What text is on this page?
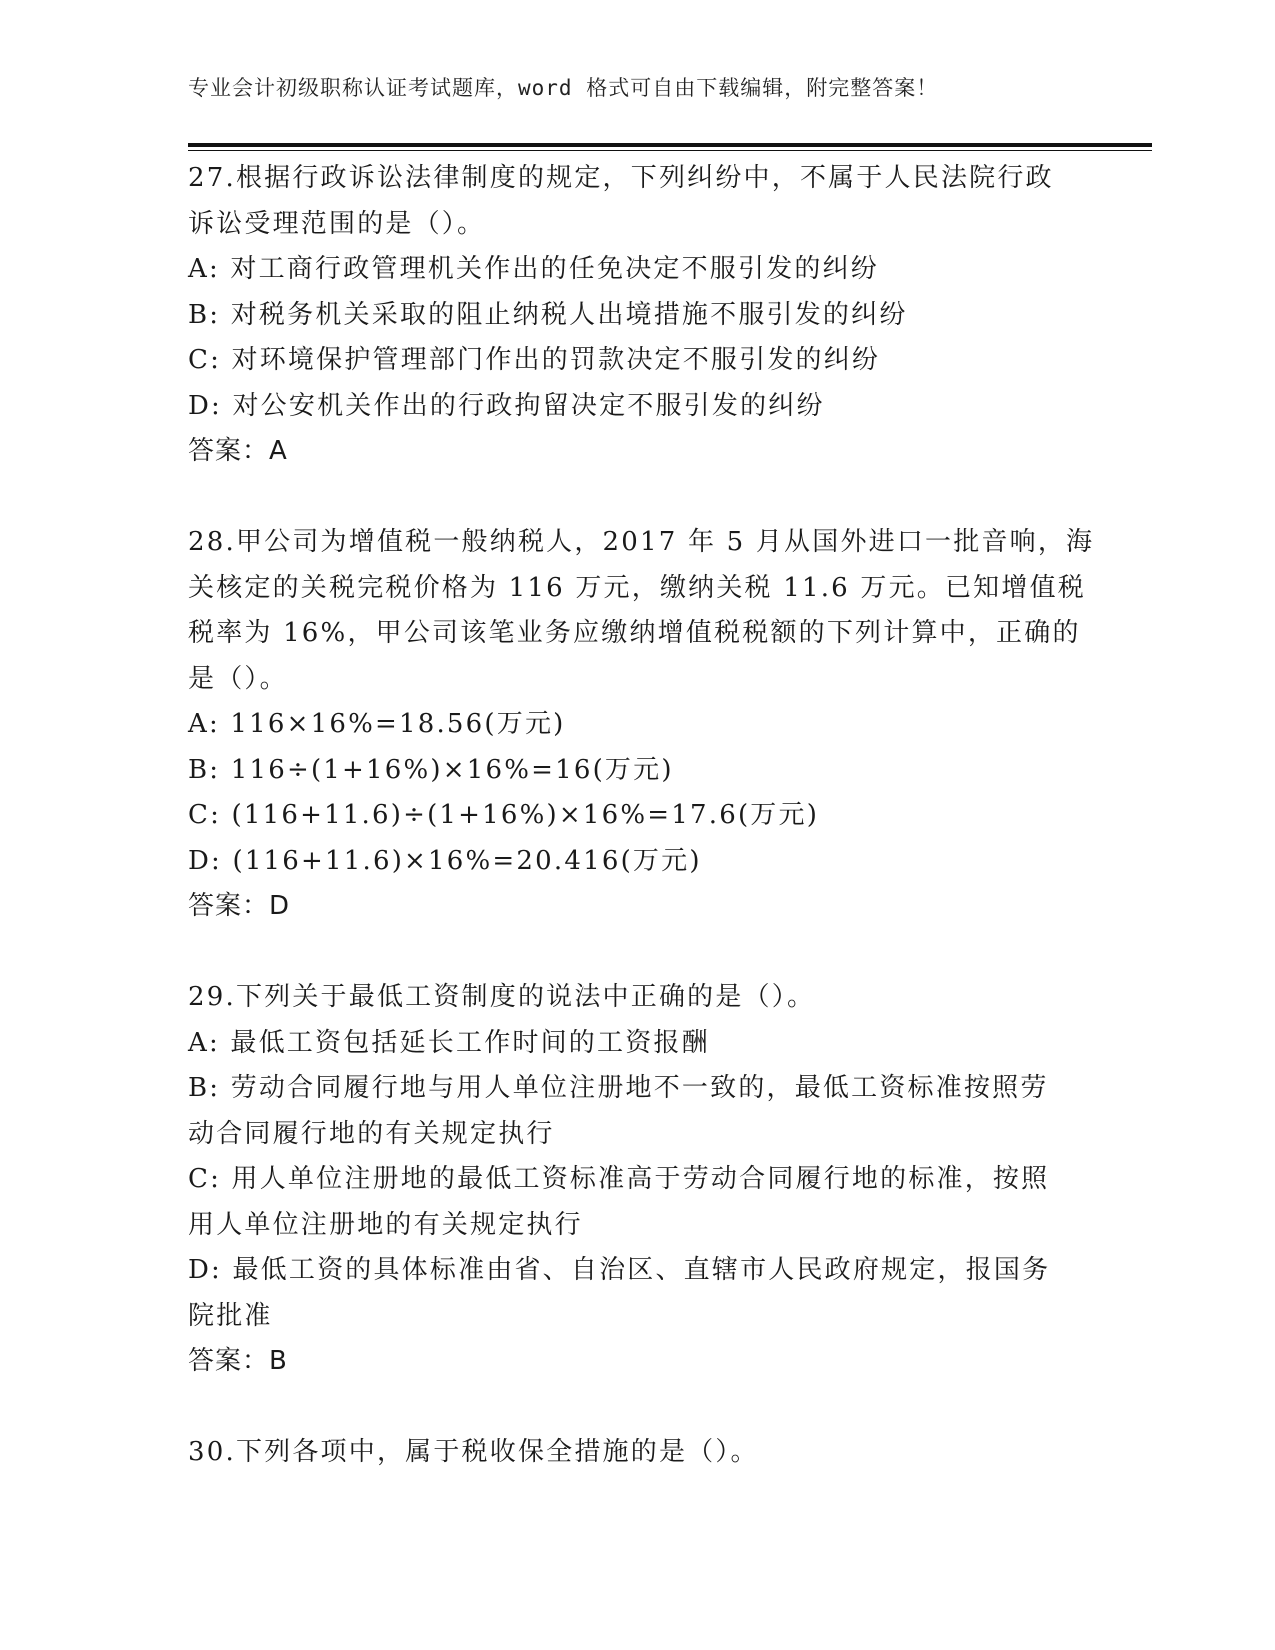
专业会计初级职称认证考试题库，word 格式可自由下载编辑，附完整答案！
27.根据行政诉讼法律制度的规定，下列纠纷中，不属于人民法院行政
诉讼受理范围的是（）。
A: 对工商行政管理机关作出的任免决定不服引发的纠纷
B: 对税务机关采取的阻止纳税人出境措施不服引发的纠纷
C: 对环境保护管理部门作出的罚款决定不服引发的纠纷
D: 对公安机关作出的行政拘留决定不服引发的纠纷
答案：A
28.甲公司为增值税一般纳税人，2017 年 5 月从国外进口一批音响，海
关核定的关税完税价格为 116 万元，缴纳关税 11.6 万元。已知增值税
税率为 16%，甲公司该笔业务应缴纳增值税税额的下列计算中，正确的
是（）。
A: 116×16%=18.56(万元)
B: 116÷(1+16%)×16%=16(万元)
C: (116+11.6)÷(1+16%)×16%=17.6(万元)
D: (116+11.6)×16%=20.416(万元)
答案：D
29.下列关于最低工资制度的说法中正确的是（）。
A: 最低工资包括延长工作时间的工资报酬
B: 劳动合同履行地与用人单位注册地不一致的，最低工资标准按照劳
动合同履行地的有关规定执行
C: 用人单位注册地的最低工资标准高于劳动合同履行地的标准，按照
用人单位注册地的有关规定执行
D: 最低工资的具体标准由省、自治区、直辖市人民政府规定，报国务
院批准
答案：B
30.下列各项中，属于税收保全措施的是（）。
